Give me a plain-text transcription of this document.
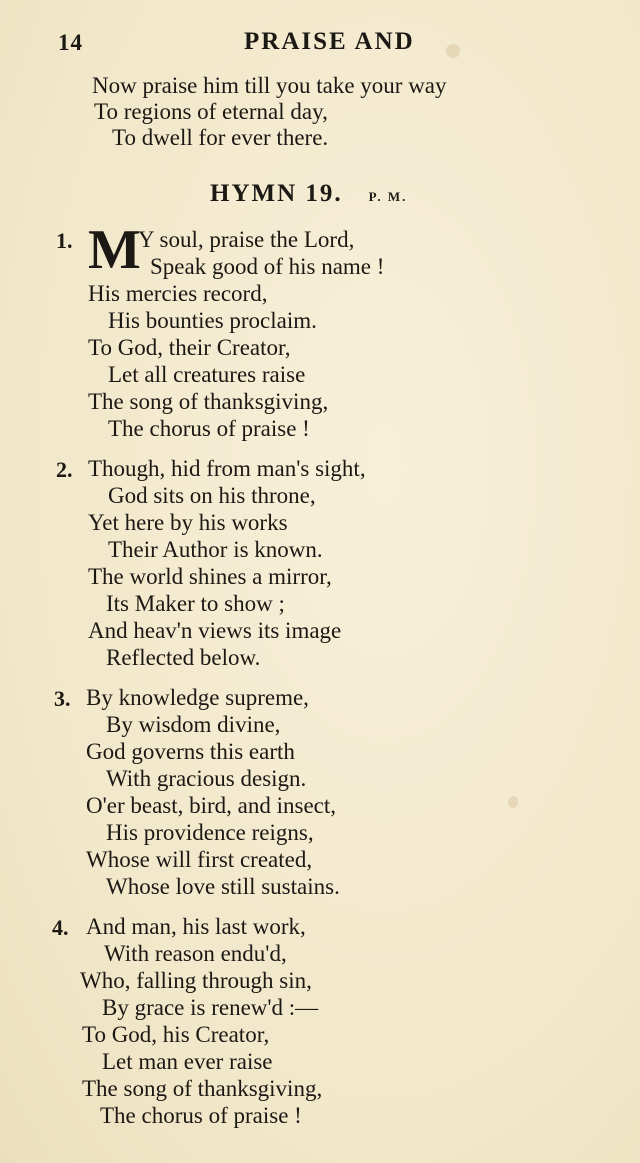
14	PRAISE AND
Now praise him till you take your way
To regions of eternal day,
To dwell for ever there.
HYMN 19. P. M.
1. M
Y soul, praise the Lord,
Speak good of his name !
His mercies record,
His bounties proclaim.
To God, their Creator,
Let all creatures raise
The song of thanksgiving,
The chorus of praise !
2. Though, hid from man's sight,
God sits on his throne,
Yet here by his works
Their Author is known.
The world shines a mirror,
Its Maker to show ;
And heav'n views its image
Reflected below.
3. By knowledge supreme,
By wisdom divine,
God governs this earth
With gracious design.
O'er beast, bird, and insect,
His providence reigns,
Whose will first created,
Whose love still sustains.
4. And man, his last work,
With reason endu'd,
Who, falling through sin,
By grace is renew'd :—
To God, his Creator,
Let man ever raise
The song of thanksgiving,
The chorus of praise !
